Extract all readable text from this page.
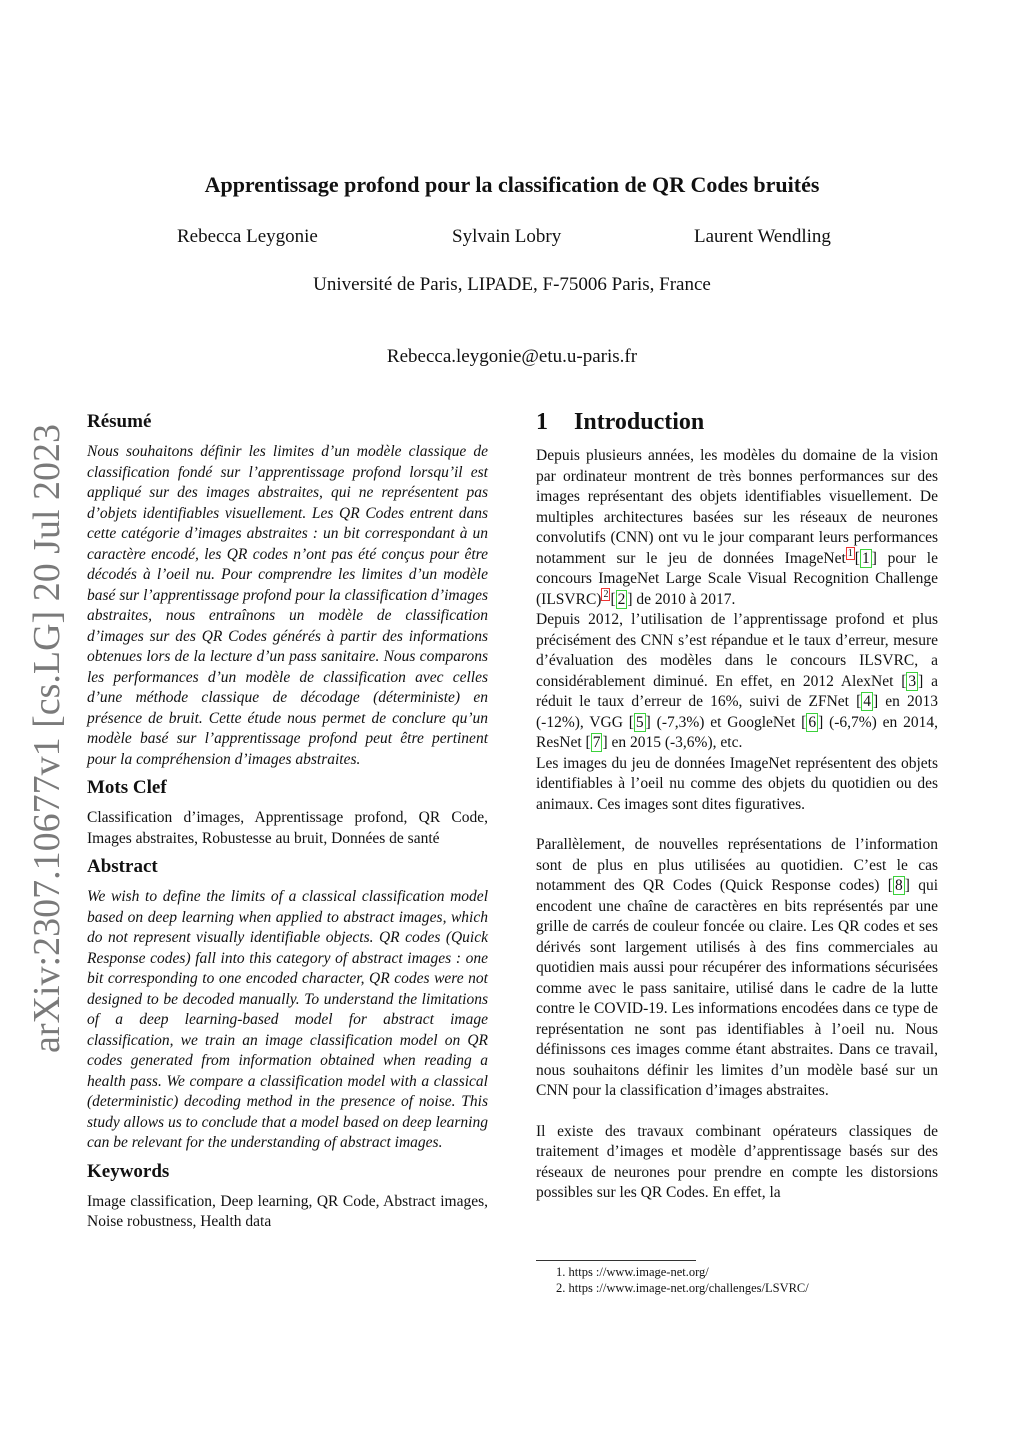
arXiv:2307.10677v1 [cs.LG] 20 Jul 2023
Apprentissage profond pour la classification de QR Codes bruités
Rebecca Leygonie	Sylvain Lobry	Laurent Wendling
Université de Paris, LIPADE, F-75006 Paris, France
Rebecca.leygonie@etu.u-paris.fr
Résumé

Nous souhaitons définir les limites d’un modèle classique de classification fondé sur l’apprentissage profond lorsqu’il est appliqué sur des images abstraites, qui ne représentent pas d’objets identifiables visuellement. Les QR Codes entrent dans cette catégorie d’images abstraites : un bit correspondant à un caractère encodé, les QR codes n’ont pas été conçus pour être décodés à l’oeil nu. Pour comprendre les limites d’un modèle basé sur l’apprentissage profond pour la classification d’images abstraites, nous entraînons un modèle de classification d’images sur des QR Codes générés à partir des informations obtenues lors de la lecture d’un pass sanitaire. Nous comparons les performances d’un modèle de classification avec celles d’une méthode classique de décodage (déterministe) en présence de bruit. Cette étude nous permet de conclure qu’un modèle basé sur l’apprentissage profond peut être pertinent pour la compréhension d’images abstraites.

Mots Clef

Classification d’images, Apprentissage profond, QR Code, Images abstraites, Robustesse au bruit, Données de santé

Abstract

We wish to define the limits of a classical classification model based on deep learning when applied to abstract images, which do not represent visually identifiable objects. QR codes (Quick Response codes) fall into this category of abstract images : one bit corresponding to one encoded character, QR codes were not designed to be decoded manually. To understand the limitations of a deep learning-based model for abstract image classification, we train an image classification model on QR codes generated from information obtained when reading a health pass. We compare a classification model with a classical (deterministic) decoding method in the presence of noise. This study allows us to conclude that a model based on deep learning can be relevant for the understanding of abstract images.

Keywords

Image classification, Deep learning, QR Code, Abstract images, Noise robustness, Health data

1 Introduction

Depuis plusieurs années, les modèles du domaine de la vision par ordinateur montrent de très bonnes performances sur des images représentant des objets identifiables visuellement. De multiples architectures basées sur les réseaux de neurones convolutifs (CNN) ont vu le jour comparant leurs performances notamment sur le jeu de données ImageNet $^1$ [ 1 ] pour le concours ImageNet Large Scale Visual Recognition Challenge (ILSVRC) $^2$ [ 2 ] de 2010 à 2017.

Depuis 2012, l’utilisation de l’apprentissage profond et plus précisément des CNN s’est répandue et le taux d’erreur, mesure d’évaluation des modèles dans le concours ILSVRC, a considérablement diminué. En effet, en 2012 AlexNet [ 3 ] a réduit le taux d’erreur de 16%, suivi de ZFNet [ 4 ] en 2013 (-12%), VGG [ 5 ] (-7,3%) et GoogleNet [ 6 ] (-6,7%) en 2014, ResNet [ 7 ] en 2015 (-3,6%), etc.

Les images du jeu de données ImageNet représentent des objets identifiables à l’oeil nu comme des objets du quotidien ou des animaux. Ces images sont dites figuratives.

Parallèlement, de nouvelles représentations de l’information sont de plus en plus utilisées au quotidien. C’est le cas notamment des QR Codes (Quick Response codes) [ 8 ] qui encodent une chaîne de caractères en bits représentés par une grille de carrés de couleur foncée ou claire. Les QR codes et ses dérivés sont largement utilisés à des fins commerciales au quotidien mais aussi pour récupérer des informations sécurisées comme avec le pass sanitaire, utilisé dans le cadre de la lutte contre le COVID-19. Les informations encodées dans ce type de représentation ne sont pas identifiables à l’oeil nu. Nous définissons ces images comme étant abstraites. Dans ce travail, nous souhaitons définir les limites d’un modèle basé sur un CNN pour la classification d’images abstraites.

Il existe des travaux combinant opérateurs classiques de traitement d’images et modèle d’apprentissage basés sur des réseaux de neurones pour prendre en compte les distorsions possibles sur les QR Codes. En effet, la

1. https ://www.image-net.org/
2. https ://www.image-net.org/challenges/LSVRC/
